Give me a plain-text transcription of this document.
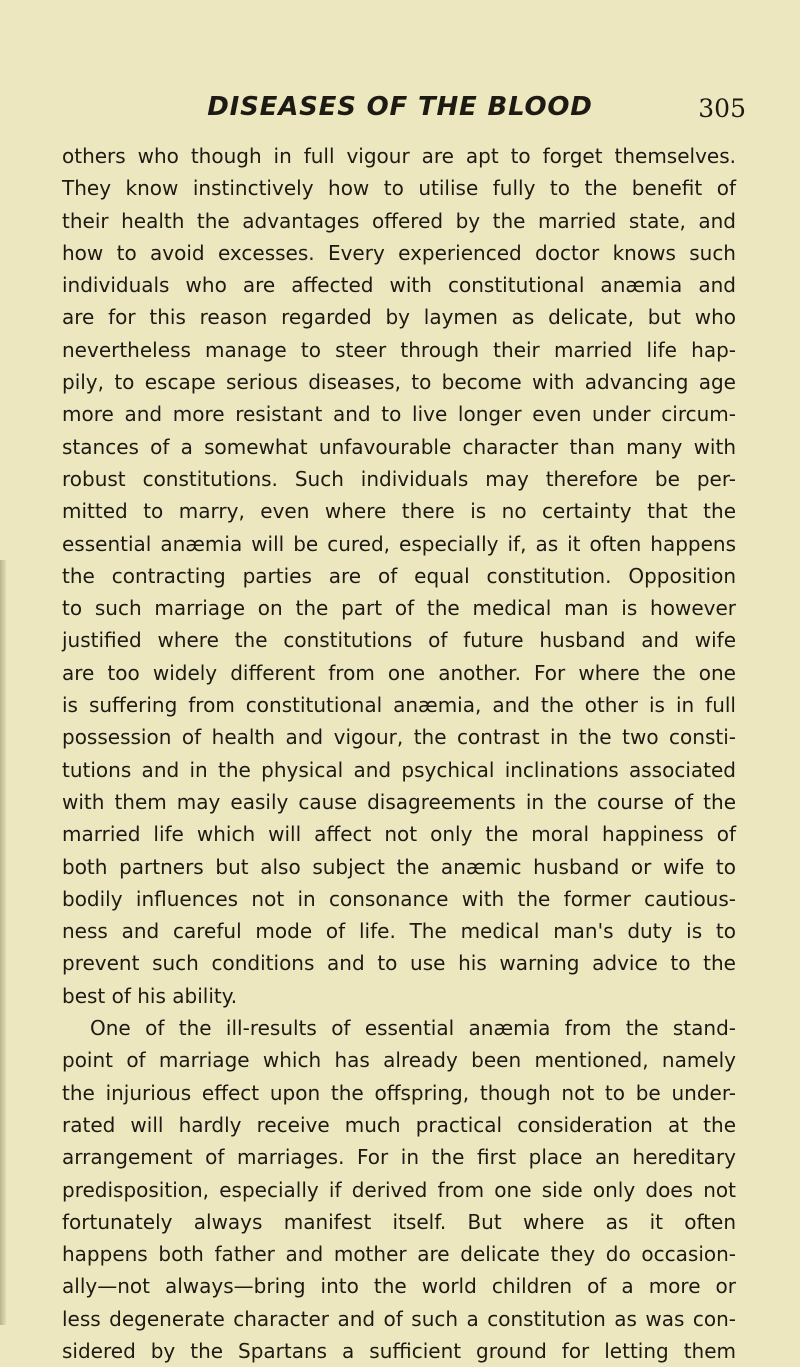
DISEASES OF THE BLOOD	305
others who though in full vigour are apt to forget themselves.
They know instinctively how to utilise fully to the benefit of
their health the advantages offered by the married state, and
how to avoid excesses. Every experienced doctor knows such
individuals who are affected with constitutional anæmia and
are for this reason regarded by laymen as delicate, but who
nevertheless manage to steer through their married life hap-
pily, to escape serious diseases, to become with advancing age
more and more resistant and to live longer even under circum-
stances of a somewhat unfavourable character than many with
robust constitutions. Such individuals may therefore be per-
mitted to marry, even where there is no certainty that the
essential anæmia will be cured, especially if, as it often happens
the contracting parties are of equal constitution. Opposition
to such marriage on the part of the medical man is however
justified where the constitutions of future husband and wife
are too widely different from one another. For where the one
is suffering from constitutional anæmia, and the other is in full
possession of health and vigour, the contrast in the two consti-
tutions and in the physical and psychical inclinations associated
with them may easily cause disagreements in the course of the
married life which will affect not only the moral happiness of
both partners but also subject the anæmic husband or wife to
bodily influences not in consonance with the former cautious-
ness and careful mode of life. The medical man's duty is to
prevent such conditions and to use his warning advice to the
best of his ability.
One of the ill-results of essential anæmia from the stand-
point of marriage which has already been mentioned, namely
the injurious effect upon the offspring, though not to be under-
rated will hardly receive much practical consideration at the
arrangement of marriages. For in the first place an hereditary
predisposition, especially if derived from one side only does not
fortunately always manifest itself. But where as it often
happens both father and mother are delicate they do occasion-
ally—not always—bring into the world children of a more or
less degenerate character and of such a constitution as was con-
sidered by the Spartans a sufficient ground for letting them
